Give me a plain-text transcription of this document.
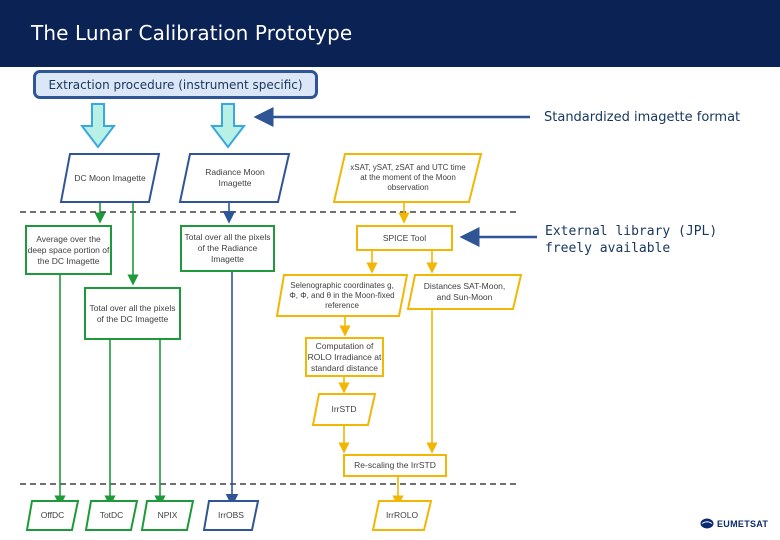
The Lunar Calibration Prototype
Extraction procedure (instrument specific)
Standardized imagette format
External library (JPL) freely available
DC Moon Imagette
Radiance Moon Imagette
xSAT, ySAT, zSAT and UTC time at the moment of the Moon observation
Average over the deep space portion of the DC Imagette
Total over all the pixels of the Radiance Imagette
SPICE Tool
Total over all the pixels of the DC Imagette
Selenographic coordinates g, Φ, Φ, and θ in the Moon-fixed reference
Distances SAT-Moon, and Sun-Moon
Computation of ROLO Irradiance at standard distance
IrrSTD
Re-scaling the IrrSTD
OffDC	TotDC	NPIX	IrrOBS	IrrROLO
EUMETSAT
